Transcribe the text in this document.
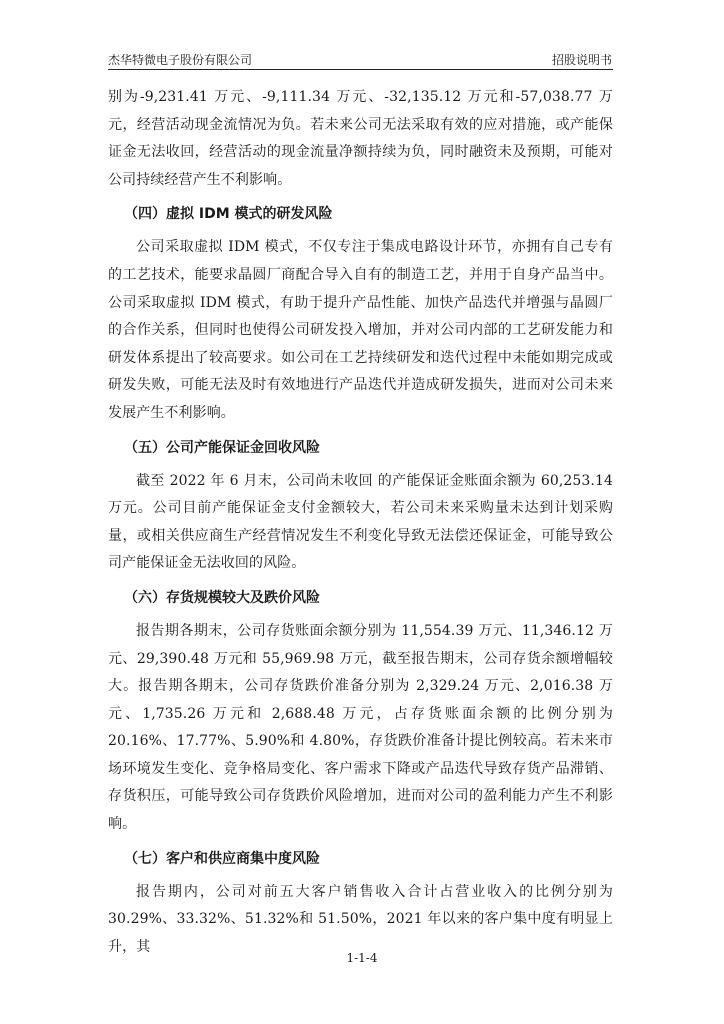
杰华特微电子股份有限公司	招股说明书

别为-9,231.41 万元、-9,111.34 万元、-32,135.12 万元和-57,038.77 万元，经营活动现金流情况为负。若未来公司无法采取有效的应对措施，或产能保证金无法收回，经营活动的现金流量净额持续为负，同时融资未及预期，可能对公司持续经营产生不利影响。

（四）虚拟 IDM 模式的研发风险

公司采取虚拟 IDM 模式，不仅专注于集成电路设计环节，亦拥有自己专有的工艺技术，能要求晶圆厂商配合导入自有的制造工艺，并用于自身产品当中。公司采取虚拟 IDM 模式，有助于提升产品性能、加快产品迭代并增强与晶圆厂的合作关系，但同时也使得公司研发投入增加，并对公司内部的工艺研发能力和研发体系提出了较高要求。如公司在工艺持续研发和迭代过程中未能如期完成或研发失败，可能无法及时有效地进行产品迭代并造成研发损失，进而对公司未来发展产生不利影响。

（五）公司产能保证金回收风险

截至 2022 年 6 月末，公司尚未收回 的产能保证金账面余额为 60,253.14 万元。公司目前产能保证金支付金额较大，若公司未来采购量未达到计划采购量，或相关供应商生产经营情况发生不利变化导致无法偿还保证金，可能导致公司产能保证金无法收回的风险。

（六）存货规模较大及跌价风险

报告期各期末，公司存货账面余额分别为 11,554.39 万元、11,346.12 万元、29,390.48 万元和 55,969.98 万元，截至报告期末，公司存货余额增幅较大。报告期各期末，公司存货跌价准备分别为 2,329.24 万元、2,016.38 万元、1,735.26 万元和 2,688.48 万元，占存货账面余额的比例分别为 20.16%、17.77%、5.90%和 4.80%，存货跌价准备计提比例较高。若未来市场环境发生变化、竞争格局变化、客户需求下降或产品迭代导致存货产品滞销、存货积压，可能导致公司存货跌价风险增加，进而对公司的盈利能力产生不利影响。

（七）客户和供应商集中度风险

报告期内，公司对前五大客户销售收入合计占营业收入的比例分别为 30.29%、33.32%、51.32%和 51.50%，2021 年以来的客户集中度有明显上升，其

1-1-4
